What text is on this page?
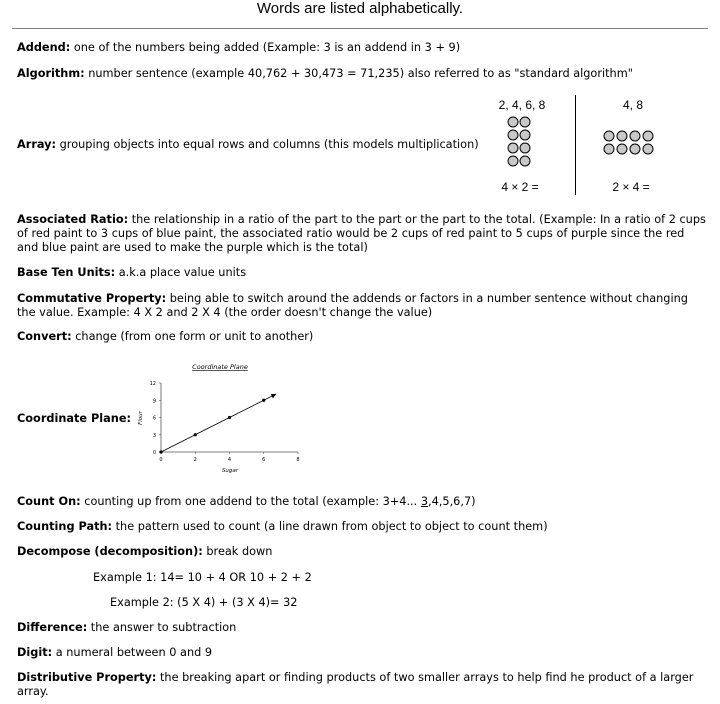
Words are listed alphabetically.
Addend: one of the numbers being added (Example: 3 is an addend in 3 + 9)
Algorithm: number sentence (example 40,762 + 30,473 = 71,235) also referred to as "standard algorithm"
Array: grouping objects into equal rows and columns (this models multiplication)
2, 4, 6, 8
4 × 2 =
4, 8
2 × 4 =
Associated Ratio: the relationship in a ratio of the part to the part or the part to the total. (Example: In a ratio of 2 cups of red paint to 3 cups of blue paint, the associated ratio would be 2 cups of red paint to 5 cups of purple since the red and blue paint are used to make the purple which is the total)
Base Ten Units: a.k.a place value units
Commutative Property: being able to switch around the addends or factors in a number sentence without changing the value. Example: 4 X 2 and 2 X 4 (the order doesn't change the value)
Convert: change (from one form or unit to another)
Coordinate Plane:
Coordinate Plane
Sugar
Flour
0	2	4	6	8
0
3
6
9
12
Count On: counting up from one addend to the total (example: 3+4... 3,4,5,6,7)
Counting Path: the pattern used to count (a line drawn from object to object to count them)
Decompose (decomposition): break down
Example 1: 14= 10 + 4 OR 10 + 2 + 2
Example 2: (5 X 4) + (3 X 4)= 32
Difference: the answer to subtraction
Digit: a numeral between 0 and 9
Distributive Property: the breaking apart or finding products of two smaller arrays to help find he product of a larger array.
